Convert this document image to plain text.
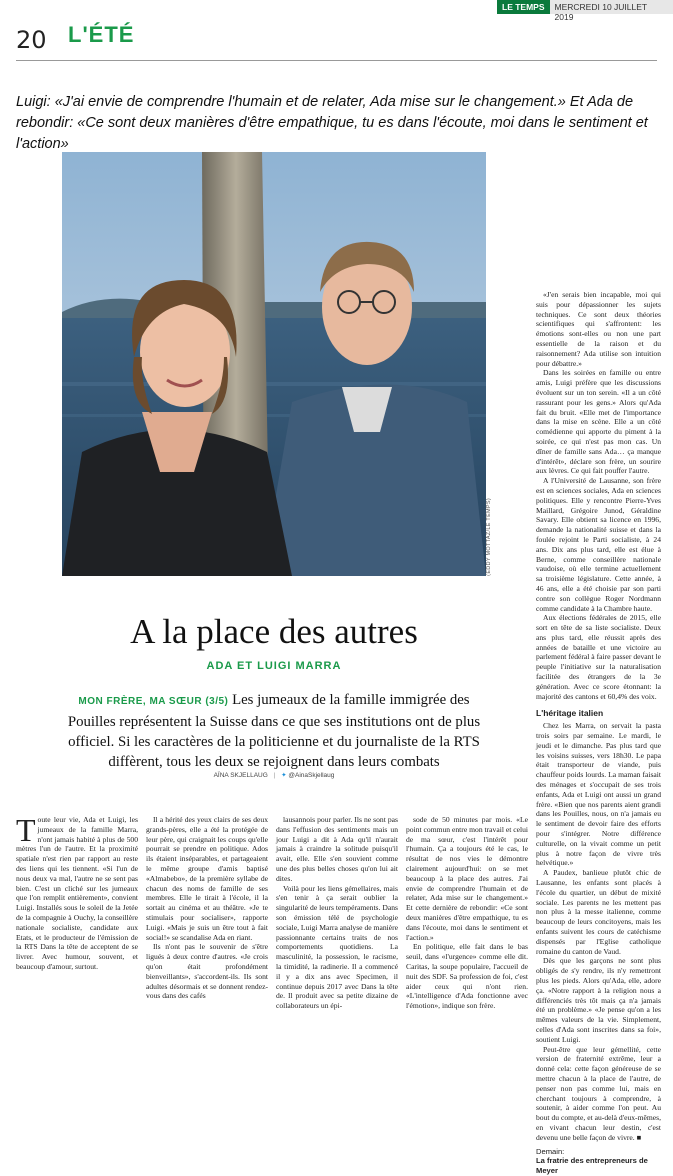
20 L'ÉTÉ
LE TEMPS	MERCREDI 10 JUILLET 2019
Luigi: «J'ai envie de comprendre l'humain et de relater, Ada mise sur le changement.» Et Ada de rebondir: «Ce sont deux manières d'être empathique, tu es dans l'écoute, moi dans le sentiment et l'action»
(EDDY MOTTAZ/LE TEMPS)

«J'en serais bien incapable, moi qui suis pour dépassionner les sujets techniques. Ce sont deux théories scientifiques qui s'affrontent: les émotions sont-elles ou non une part essentielle de la raison et du raisonnement? Ada utilise son intuition pour débattre.»

Dans les soirées en famille ou entre amis, Luigi préfère que les discussions évoluent sur un ton serein. «Il a un côté rassurant pour les gens.» Alors qu'Ada fait du bruit. «Elle met de l'importance dans la mise en scène. Elle a un côté comédienne qui apporte du piment à la soirée, ce qui n'est pas mon cas. Un dîner de famille sans Ada… ça manque d'intérêt», déclare son frère, un sourire aux lèvres. Ce qui fait pouffer l'autre.

A l'Université de Lausanne, son frère est en sciences sociales, Ada en sciences politiques. Elle y rencontre Pierre-Yves Maillard, Grégoire Junod, Géraldine Savary. Elle obtient sa licence en 1996, demande la nationalité suisse et dans la foulée rejoint le Parti socialiste, à 24 ans. Dix ans plus tard, elle est élue à Berne, comme conseillère nationale vaudoise, où elle termine actuellement sa troisième législature. Cette année, à 46 ans, elle a été choisie par son parti contre son collègue Roger Nordmann comme candidate à la Chambre haute.

Aux élections fédérales de 2015, elle sort en tête de sa liste socialiste. Deux ans plus tard, elle réussit après des années de bataille et une victoire au parlement fédéral à faire passer devant le peuple l'initiative sur la naturalisation facilitée des étrangers de la 3e génération. Avec ce score étonnant: la majorité des cantons et 60,4% des voix.

L'héritage italien

Chez les Marra, on servait la pasta trois soirs par semaine. Le mardi, le jeudi et le dimanche. Pas plus tard que les voisins suisses, vers 18h30. Le papa était transporteur de viande, puis chauffeur poids lourds. La maman faisait des ménages et s'occupait de ses trois enfants, Ada et Luigi ont aussi un grand frère. «Bien que nos parents aient grandi dans les Pouilles, nous, on n'a jamais eu le sentiment de devoir faire des efforts pour s'intégrer. Notre différence culturelle, on la vivait comme un petit plus à notre façon de vivre très helvétique.»

A Paudex, banlieue plutôt chic de Lausanne, les enfants sont placés à l'école du quartier, un début de mixité sociale. Les parents ne les mettent pas non plus à la messe italienne, comme beaucoup de leurs concitoyens, mais les enfants suivent les cours de catéchisme dispensés par l'Eglise catholique romaine du canton de Vaud.

Dès que les garçons ne sont plus obligés de s'y rendre, ils n'y remettront plus les pieds. Alors qu'Ada, elle, adore ça. «Notre rapport à la religion nous a différenciés très tôt mais ça n'a jamais été un problème.» «Je pense qu'on a les mêmes valeurs de la vie. Simplement, celles d'Ada sont inscrites dans sa foi», soutient Luigi.

Peut-être que leur gémellité, cette version de fraternité extrême, leur a donné cela: cette façon généreuse de se mettre chacun à la place de l'autre, de penser non pas comme lui, mais en cherchant toujours à comprendre, à soutenir, à aider comme l'on peut. Au bout du compte, et au-delà d'eux-mêmes, en vivant chacun leur destin, c'est devenu une belle façon de vivre. ■

Demain:
La fratrie des entrepreneurs de Meyer
A la place des autres
ADA ET LUIGI MARRA
MON FRÈRE, MA SŒUR (3/5) Les jumeaux de la famille immigrée des Pouilles représentent la Suisse dans ce que ses institutions ont de plus officiel. Si les caractères de la politicienne et du journaliste de la RTS diffèrent, tous les deux se rejoignent dans leurs combats
AÏNA SKJELLAUG | ✦ @AinaSkjellaug

Toute leur vie, Ada et Luigi, les jumeaux de la famille Marra, n'ont jamais habité à plus de 500 mètres l'un de l'autre. Et la proximité spatiale n'est rien par rapport au reste des liens qui les tiennent. «Si l'un de nous deux va mal, l'autre ne se sent pas bien. C'est un cliché sur les jumeaux que l'on remplit entièrement», convient Luigi. Installés sous le soleil de la Jetée de la compagnie à Ouchy, la conseillère nationale socialiste, candidate aux Etats, et le producteur de l'émission de la RTS Dans la tête de acceptent de se livrer. Avec humour, souvent, et beaucoup d'amour, surtout.

Il a hérité des yeux clairs de ses deux grands-pères, elle a été la protégée de leur père, qui craignait les coups qu'elle pourrait se prendre en politique. Ados ils étaient inséparables, et partageaient le même groupe d'amis baptisé «Almabebo», de la première syllabe de chacun des noms de famille de ses membres. Elle le tirait à l'école, il la sortait au cinéma et au théâtre. «Je te stimulais pour socialiser», rapporte Luigi. «Mais je suis un être tout à fait social!» se scandalise Ada en riant.

Ils n'ont pas le souvenir de s'être ligués à deux contre d'autres. «Je crois qu'on était profondément bienveillants», s'accordent-ils. Ils sont adultes désormais et se donnent rendez-vous dans des cafés

lausannois pour parler. Ils ne sont pas dans l'effusion des sentiments mais un jour Luigi a dit à Ada qu'il n'aurait jamais à craindre la solitude puisqu'il avait, elle. Elle s'en souvient comme une des plus belles choses qu'on lui ait dites.

Voilà pour les liens gémellaires, mais s'en tenir à ça serait oublier la singularité de leurs tempéraments. Dans son émission télé de psychologie sociale, Luigi Marra analyse de manière passionnante certains traits de nos comportements quotidiens. La masculinité, la possession, le racisme, la timidité, la radinerie. Il a commencé il y a dix ans avec Specimen, il continue depuis 2017 avec Dans la tête de. Il produit avec sa petite dizaine de collaborateurs un épi-

sode de 50 minutes par mois. «Le point commun entre mon travail et celui de ma sœur, c'est l'intérêt pour l'humain. Ça a toujours été le cas, le résultat de nos vies le démontre clairement aujourd'hui: on se met beaucoup à la place des autres. J'ai envie de comprendre l'humain et de relater, Ada mise sur le changement.» Et cette dernière de rebondir: «Ce sont deux manières d'être empathique, tu es dans l'écoute, moi dans le sentiment et l'action.»

En politique, elle fait dans le bas seuil, dans «l'urgence» comme elle dit. Caritas, la soupe populaire, l'accueil de nuit des SDF. Sa profession de foi, c'est aider ceux qui n'ont rien. «L'intelligence d'Ada fonctionne avec l'émotion», indique son frère.
